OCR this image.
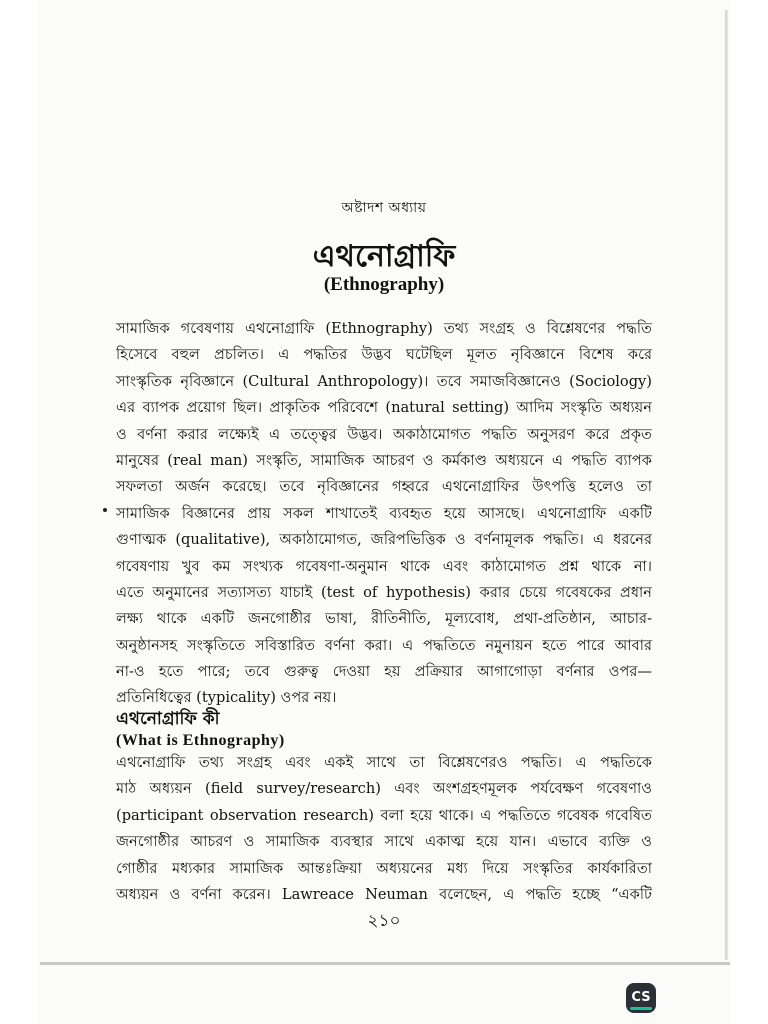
অষ্টাদশ অধ্যায়
এথনোগ্রাফি
(Ethnography)
সামাজিক গবেষণায় এথনোগ্রাফি (Ethnography) তথ্য সংগ্রহ ও বিশ্লেষণের পদ্ধতি
হিসেবে বহুল প্রচলিত। এ পদ্ধতির উদ্ভব ঘটেছিল মূলত নৃবিজ্ঞানে বিশেষ করে
সাংস্কৃতিক নৃবিজ্ঞানে (Cultural Anthropology)। তবে সমাজবিজ্ঞানেও (Sociology)
এর ব্যাপক প্রয়োগ ছিল। প্রাকৃতিক পরিবেশে (natural setting) আদিম সংস্কৃতি অধ্যয়ন
ও বর্ণনা করার লক্ষ্যেই এ তত্ত্বের উদ্ভব। অকাঠামোগত পদ্ধতি অনুসরণ করে প্রকৃত
মানুষের (real man) সংস্কৃতি, সামাজিক আচরণ ও কর্মকাণ্ড অধ্যয়নে এ পদ্ধতি ব্যাপক
সফলতা অর্জন করেছে। তবে নৃবিজ্ঞানের গহ্বরে এথনোগ্রাফির উৎপত্তি হলেও তা
সামাজিক বিজ্ঞানের প্রায় সকল শাখাতেই ব্যবহৃত হয়ে আসছে। এথনোগ্রাফি একটি
গুণাত্মক (qualitative), অকাঠামোগত, জরিপভিত্তিক ও বর্ণনামূলক পদ্ধতি। এ ধরনের
গবেষণায় খুব কম সংখ্যক গবেষণা-অনুমান থাকে এবং কাঠামোগত প্রশ্ন থাকে না।
এতে অনুমানের সত্যাসত্য যাচাই (test of hypothesis) করার চেয়ে গবেষকের প্রধান
লক্ষ্য থাকে একটি জনগোষ্ঠীর ভাষা, রীতিনীতি, মূল্যবোধ, প্রথা-প্রতিষ্ঠান, আচার-
অনুষ্ঠানসহ সংস্কৃতিতে সবিস্তারিত বর্ণনা করা। এ পদ্ধতিতে নমুনায়ন হতে পারে আবার
না-ও হতে পারে; তবে গুরুত্ব দেওয়া হয় প্রক্রিয়ার আগাগোড়া বর্ণনার ওপর—
প্রতিনিধিত্বের (typicality) ওপর নয়।
এথনোগ্রাফি কী
(What is Ethnography)
এথনোগ্রাফি তথ্য সংগ্রহ এবং একই সাথে তা বিশ্লেষণেরও পদ্ধতি। এ পদ্ধতিকে
মাঠ অধ্যয়ন (field survey/research) এবং অংশগ্রহণমূলক পর্যবেক্ষণ গবেষণাও
(participant observation research) বলা হয়ে থাকে। এ পদ্ধতিতে গবেষক গবেষিত
জনগোষ্ঠীর আচরণ ও সামাজিক ব্যবস্থার সাথে একাত্ম হয়ে যান। এভাবে ব্যক্তি ও
গোষ্ঠীর মধ্যকার সামাজিক আন্তঃক্রিয়া অধ্যয়নের মধ্য দিয়ে সংস্কৃতির কার্যকারিতা
অধ্যয়ন ও বর্ণনা করেন। Lawreace Neuman বলেছেন, এ পদ্ধতি হচ্ছে “একটি
২১০
CS
